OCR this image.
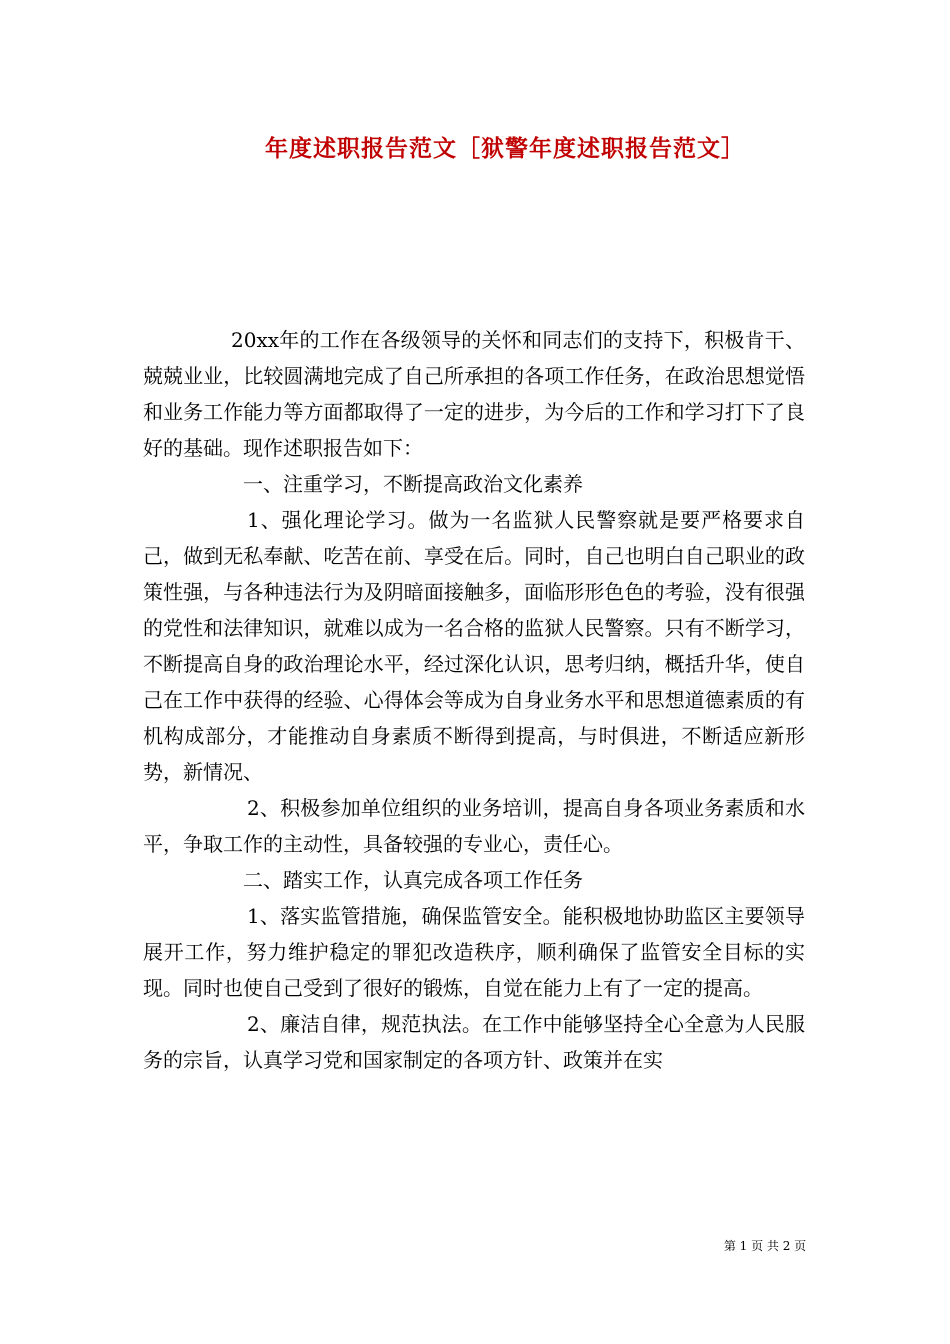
年度述职报告范文［狱警年度述职报告范文］

20xx年的工作在各级领导的关怀和同志们的支持下，积极肯干、兢兢业业，比较圆满地完成了自己所承担的各项工作任务，在政治思想觉悟和业务工作能力等方面都取得了一定的进步，为今后的工作和学习打下了良好的基础。现作述职报告如下：

一、注重学习，不断提高政治文化素养

1、强化理论学习。做为一名监狱人民警察就是要严格要求自己，做到无私奉献、吃苦在前、享受在后。同时，自己也明白自己职业的政策性强，与各种违法行为及阴暗面接触多，面临形形色色的考验，没有很强的党性和法律知识，就难以成为一名合格的监狱人民警察。只有不断学习，不断提高自身的政治理论水平，经过深化认识，思考归纳，概括升华，使自己在工作中获得的经验、心得体会等成为自身业务水平和思想道德素质的有机构成部分，才能推动自身素质不断得到提高，与时俱进，不断适应新形势，新情况、

2、积极参加单位组织的业务培训，提高自身各项业务素质和水平，争取工作的主动性，具备较强的专业心，责任心。

二、踏实工作，认真完成各项工作任务

1、落实监管措施，确保监管安全。能积极地协助监区主要领导展开工作，努力维护稳定的罪犯改造秩序，顺利确保了监管安全目标的实现。同时也使自己受到了很好的锻炼，自觉在能力上有了一定的提高。

2、廉洁自律，规范执法。在工作中能够坚持全心全意为人民服务的宗旨，认真学习党和国家制定的各项方针、政策并在实

第 1 页 共 2 页
